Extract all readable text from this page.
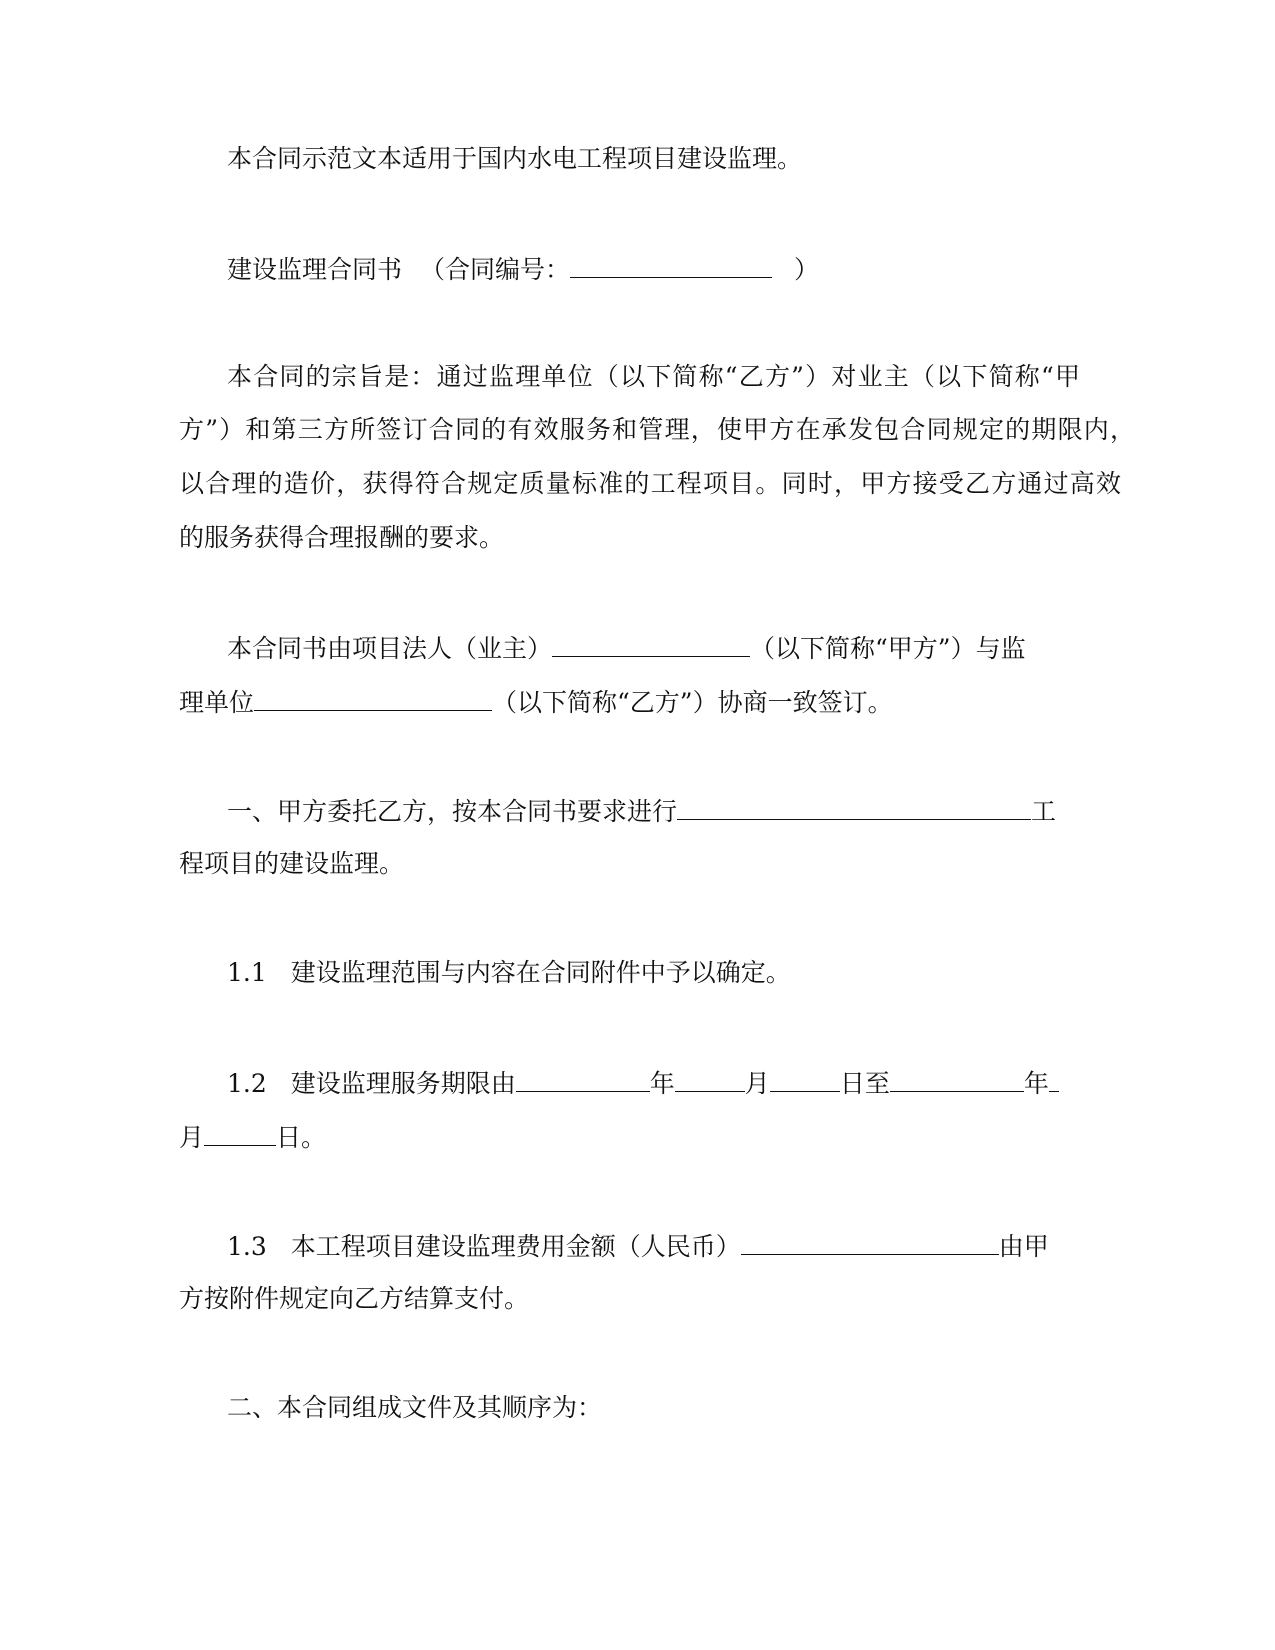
本合同示范文本适用于国内水电工程项目建设监理。
建设监理合同书 （合同编号：	）
本合同的宗旨是：通过监理单位（以下简称“乙方”）对业主（以下简称“甲
方”）和第三方所签订合同的有效服务和管理，使甲方在承发包合同规定的期限内，
以合理的造价，获得符合规定质量标准的工程项目。同时，甲方接受乙方通过高效
的服务获得合理报酬的要求。
本合同书由项目法人（业主）	（以下简称“甲方”）与监
理单位	（以下简称“乙方”）协商一致签订。
一、甲方委托乙方，按本合同书要求进行	工
程项目的建设监理。
1.1 建设监理范围与内容在合同附件中予以确定。
1.2 建设监理服务期限由	年	月	日至	年
月	日。
1.3 本工程项目建设监理费用金额（人民币）	由甲
方按附件规定向乙方结算支付。
二、本合同组成文件及其顺序为：
